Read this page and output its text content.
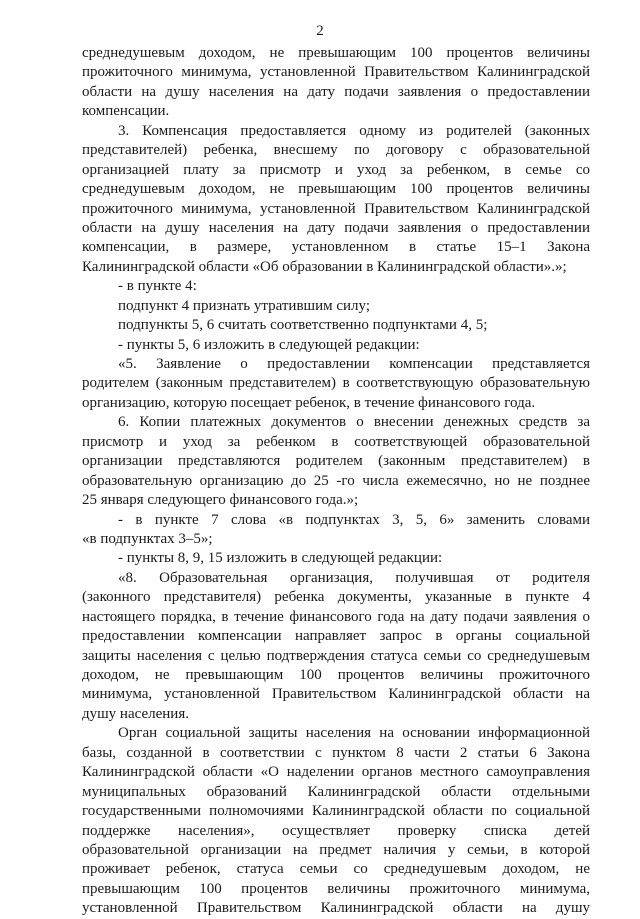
2
среднедушевым доходом, не превышающим 100 процентов величины
прожиточного минимума, установленной Правительством Калининградской
области на душу населения на дату подачи заявления о предоставлении
компенсации.
3. Компенсация предоставляется одному из родителей (законных
представителей) ребенка, внесшему по договору с образовательной
организацией плату за присмотр и уход за ребенком, в семье со
среднедушевым доходом, не превышающим 100 процентов величины
прожиточного минимума, установленной Правительством Калининградской
области на душу населения на дату подачи заявления о предоставлении
компенсации, в размере, установленном в статье 15–1 Закона
Калининградской области «Об образовании в Калининградской области».»;
- в пункте 4:
подпункт 4 признать утратившим силу;
подпункты 5, 6 считать соответственно подпунктами 4, 5;
- пункты 5, 6 изложить в следующей редакции:
«5. Заявление о предоставлении компенсации представляется
родителем (законным представителем) в соответствующую образовательную
организацию, которую посещает ребенок, в течение финансового года.
6. Копии платежных документов о внесении денежных средств за
присмотр и уход за ребенком в соответствующей образовательной
организации представляются родителем (законным представителем) в
образовательную организацию до 25 -го числа ежемесячно, но не позднее
25 января следующего финансового года.»;
- в пункте 7 слова «в подпунктах 3, 5, 6» заменить словами
«в подпунктах 3–5»;
- пункты 8, 9, 15 изложить в следующей редакции:
«8. Образовательная организация, получившая от родителя
(законного представителя) ребенка документы, указанные в пункте 4
настоящего порядка, в течение финансового года на дату подачи заявления о
предоставлении компенсации направляет запрос в органы социальной
защиты населения с целью подтверждения статуса семьи со среднедушевым
доходом, не превышающим 100 процентов величины прожиточного
минимума, установленной Правительством Калининградской области на
душу населения.
Орган социальной защиты населения на основании информационной
базы, созданной в соответствии с пунктом 8 части 2 статьи 6 Закона
Калининградской области «О наделении органов местного самоуправления
муниципальных образований Калининградской области отдельными
государственными полномочиями Калининградской области по социальной
поддержке населения», осуществляет проверку списка детей
образовательной организации на предмет наличия у семьи, в которой
проживает ребенок, статуса семьи со среднедушевым доходом, не
превышающим 100 процентов величины прожиточного минимума,
установленной Правительством Калининградской области на душу
